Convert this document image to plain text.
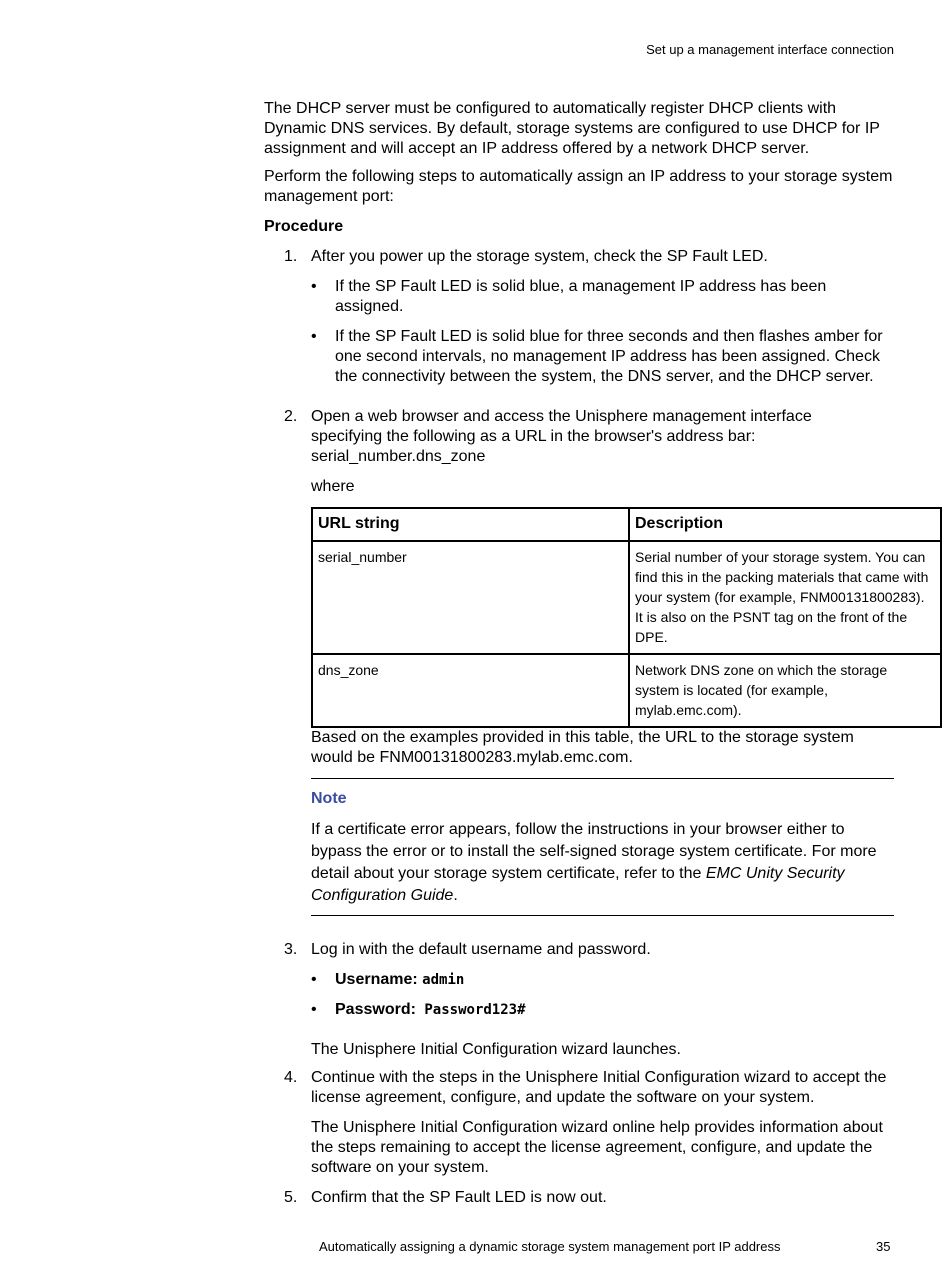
Set up a management interface connection

The DHCP server must be configured to automatically register DHCP clients with Dynamic DNS services. By default, storage systems are configured to use DHCP for IP assignment and will accept an IP address offered by a network DHCP server.

Perform the following steps to automatically assign an IP address to your storage system management port:

Procedure
1. After you power up the storage system, check the SP Fault LED.
• If the SP Fault LED is solid blue, a management IP address has been assigned.
• If the SP Fault LED is solid blue for three seconds and then flashes amber for one second intervals, no management IP address has been assigned. Check the connectivity between the system, the DNS server, and the DHCP server.
2. Open a web browser and access the Unisphere management interface specifying the following as a URL in the browser's address bar: serial_number.dns_zone
where
URL string	Description
serial_number	Serial number of your storage system. You can find this in the packing materials that came with your system (for example, FNM00131800283). It is also on the PSNT tag on the front of the DPE.
dns_zone	Network DNS zone on which the storage system is located (for example, mylab.emc.com).

Based on the examples provided in this table, the URL to the storage system would be FNM00131800283.mylab.emc.com.

Note
If a certificate error appears, follow the instructions in your browser either to bypass the error or to install the self-signed storage system certificate. For more detail about your storage system certificate, refer to the EMC Unity Security Configuration Guide.
3. Log in with the default username and password.
• Username: admin
• Password: Password123#

The Unisphere Initial Configuration wizard launches.

4. Continue with the steps in the Unisphere Initial Configuration wizard to accept the license agreement, configure, and update the software on your system.

The Unisphere Initial Configuration wizard online help provides information about the steps remaining to accept the license agreement, configure, and update the software on your system.

5. Confirm that the SP Fault LED is now out.
Automatically assigning a dynamic storage system management port IP address	35
